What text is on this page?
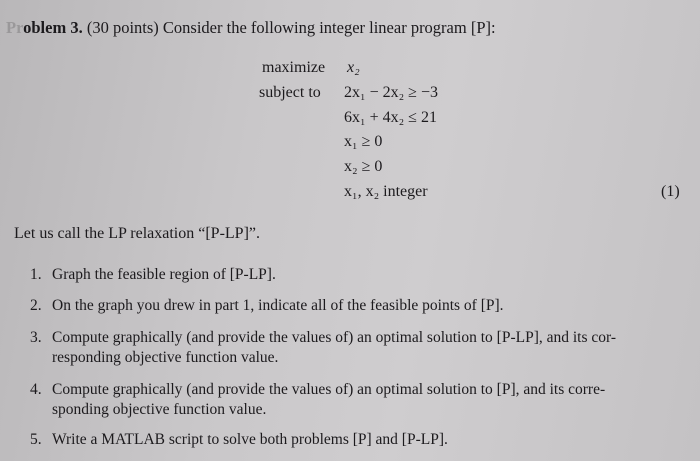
Problem 3. (30 points) Consider the following integer linear program [P]:
maximize x₂
subject to 2x₁ − 2x₂ ≥ −3
6x₁ + 4x₂ ≤ 21
x₁ ≥ 0
x₂ ≥ 0
x₁, x₂ integer	(1)
Let us call the LP relaxation “[P-LP]”.
1. Graph the feasible region of [P-LP].
2. On the graph you drew in part 1, indicate all of the feasible points of [P].
3. Compute graphically (and provide the values of) an optimal solution to [P-LP], and its cor-
responding objective function value.
4. Compute graphically (and provide the values of) an optimal solution to [P], and its corre-
sponding objective function value.
5. Write a MATLAB script to solve both problems [P] and [P-LP].
